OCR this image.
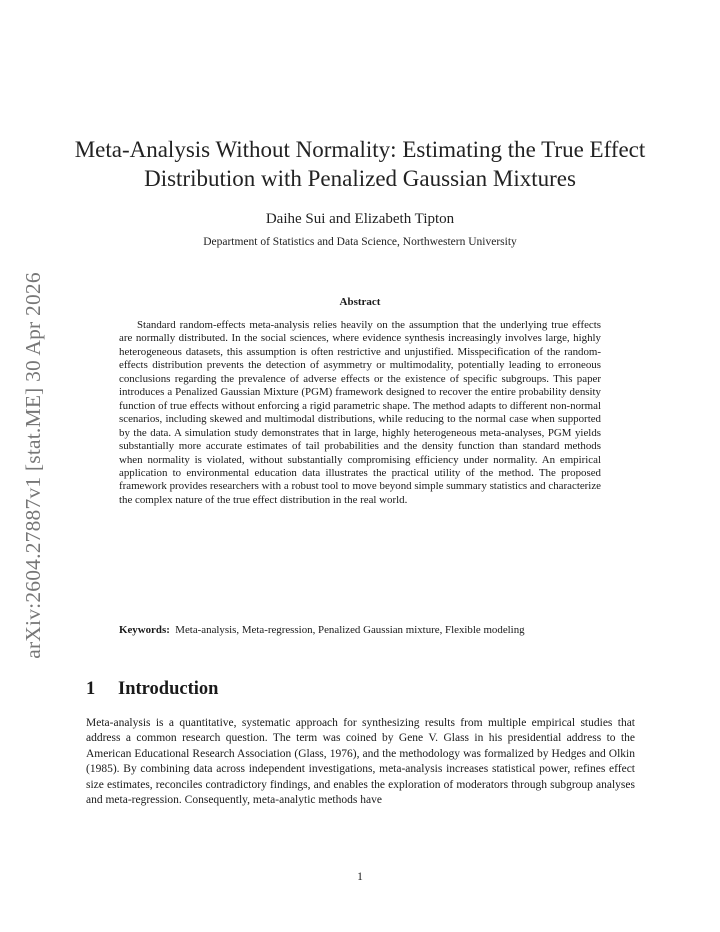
arXiv:2604.27887v1 [stat.ME] 30 Apr 2026
Meta-Analysis Without Normality: Estimating the True Effect Distribution with Penalized Gaussian Mixtures
Daihe Sui and Elizabeth Tipton
Department of Statistics and Data Science, Northwestern University
Abstract

Standard random-effects meta-analysis relies heavily on the assumption that the underlying true effects are normally distributed. In the social sciences, where evidence synthesis increasingly involves large, highly heterogeneous datasets, this assumption is often restrictive and unjustified. Misspecification of the random-effects distribution prevents the detection of asymmetry or multimodality, potentially leading to erroneous conclusions regarding the prevalence of adverse effects or the existence of specific subgroups. This paper introduces a Penalized Gaussian Mixture (PGM) framework designed to recover the entire probability density function of true effects without enforcing a rigid parametric shape. The method adapts to different non-normal scenarios, including skewed and multimodal distributions, while reducing to the normal case when supported by the data. A simulation study demonstrates that in large, highly heterogeneous meta-analyses, PGM yields substantially more accurate estimates of tail probabilities and the density function than standard methods when normality is violated, without substantially compromising efficiency under normality. An empirical application to environmental education data illustrates the practical utility of the method. The proposed framework provides researchers with a robust tool to move beyond simple summary statistics and characterize the complex nature of the true effect distribution in the real world.

Keywords: Meta-analysis, Meta-regression, Penalized Gaussian mixture, Flexible modeling

1 Introduction

Meta-analysis is a quantitative, systematic approach for synthesizing results from multiple empirical studies that address a common research question. The term was coined by Gene V. Glass in his presidential address to the American Educational Research Association (Glass, 1976), and the methodology was formalized by Hedges and Olkin (1985). By combining data across independent investigations, meta-analysis increases statistical power, refines effect size estimates, reconciles contradictory findings, and enables the exploration of moderators through subgroup analyses and meta-regression. Consequently, meta-analytic methods have

1
